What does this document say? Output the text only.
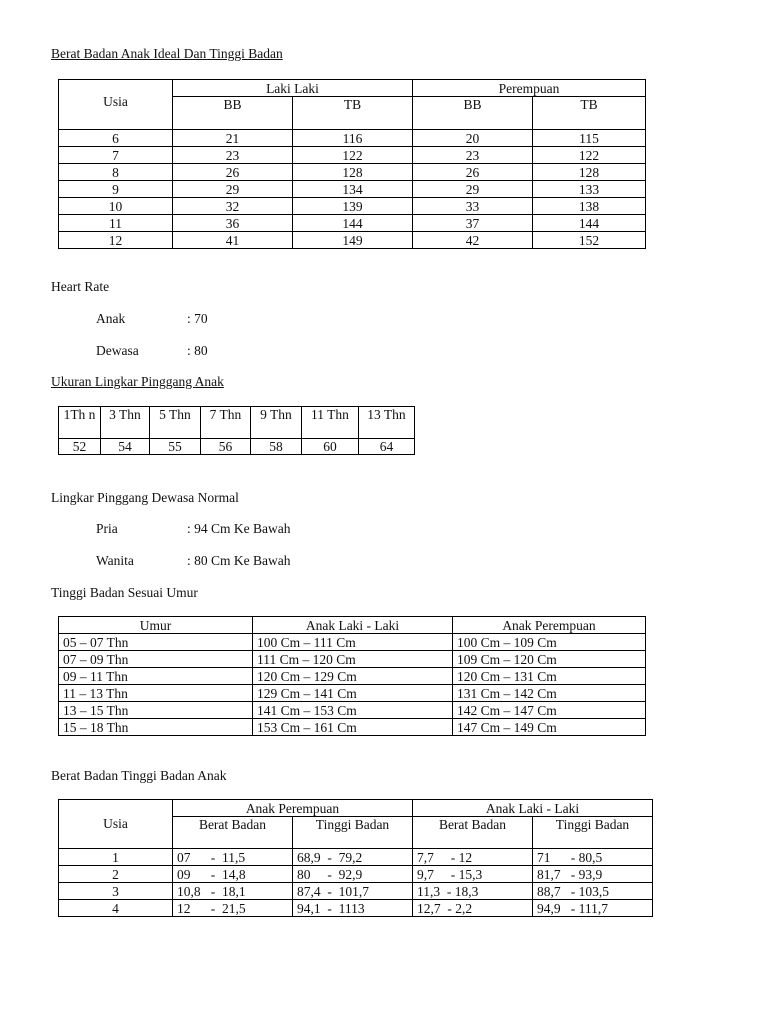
Berat Badan Anak Ideal Dan Tinggi Badan
Usia	Laki Laki		Perempuan	
	BB	TB	BB	TB
6	21	116	20	115
7	23	122	23	122
8	26	128	26	128
9	29	134	29	133
10	32	139	33	138
11	36	144	37	144
12	41	149	42	152
Heart Rate
Anak	: 70
Dewasa	: 80
Ukuran Lingkar Pinggang Anak
1Th n	3 Thn	5 Thn	7 Thn	9 Thn	11 Thn	13 Thn
52	54	55	56	58	60	64
Lingkar Pinggang Dewasa Normal
Pria	: 94 Cm Ke Bawah
Wanita	: 80 Cm Ke Bawah
Tinggi Badan Sesuai Umur
Umur	Anak Laki - Laki	Anak Perempuan
05 – 07 Thn	100 Cm – 111 Cm	100 Cm – 109 Cm
07 – 09 Thn	111 Cm – 120 Cm	109 Cm – 120 Cm
09 – 11 Thn	120 Cm – 129 Cm	120 Cm – 131 Cm
11 – 13 Thn	129 Cm – 141 Cm	131 Cm – 142 Cm
13 – 15 Thn	141 Cm – 153 Cm	142 Cm – 147 Cm
15 – 18 Thn	153 Cm – 161 Cm	147 Cm – 149 Cm
Berat Badan Tinggi Badan Anak
Usia	Anak Perempuan		Anak Laki - Laki	
	Berat Badan	Tinggi Badan	Berat Badan	Tinggi Badan
1	07      -  11,5	68,9  -  79,2	7,7     - 12	71      - 80,5
2	09      -  14,8	80     -  92,9	9,7     - 15,3	81,7   - 93,9
3	10,8   -  18,1	87,4  -  101,7	11,3  - 18,3	88,7   - 103,5
4	12      -  21,5	94,1  -  1113	12,7  - 2,2	94,9   - 111,7
